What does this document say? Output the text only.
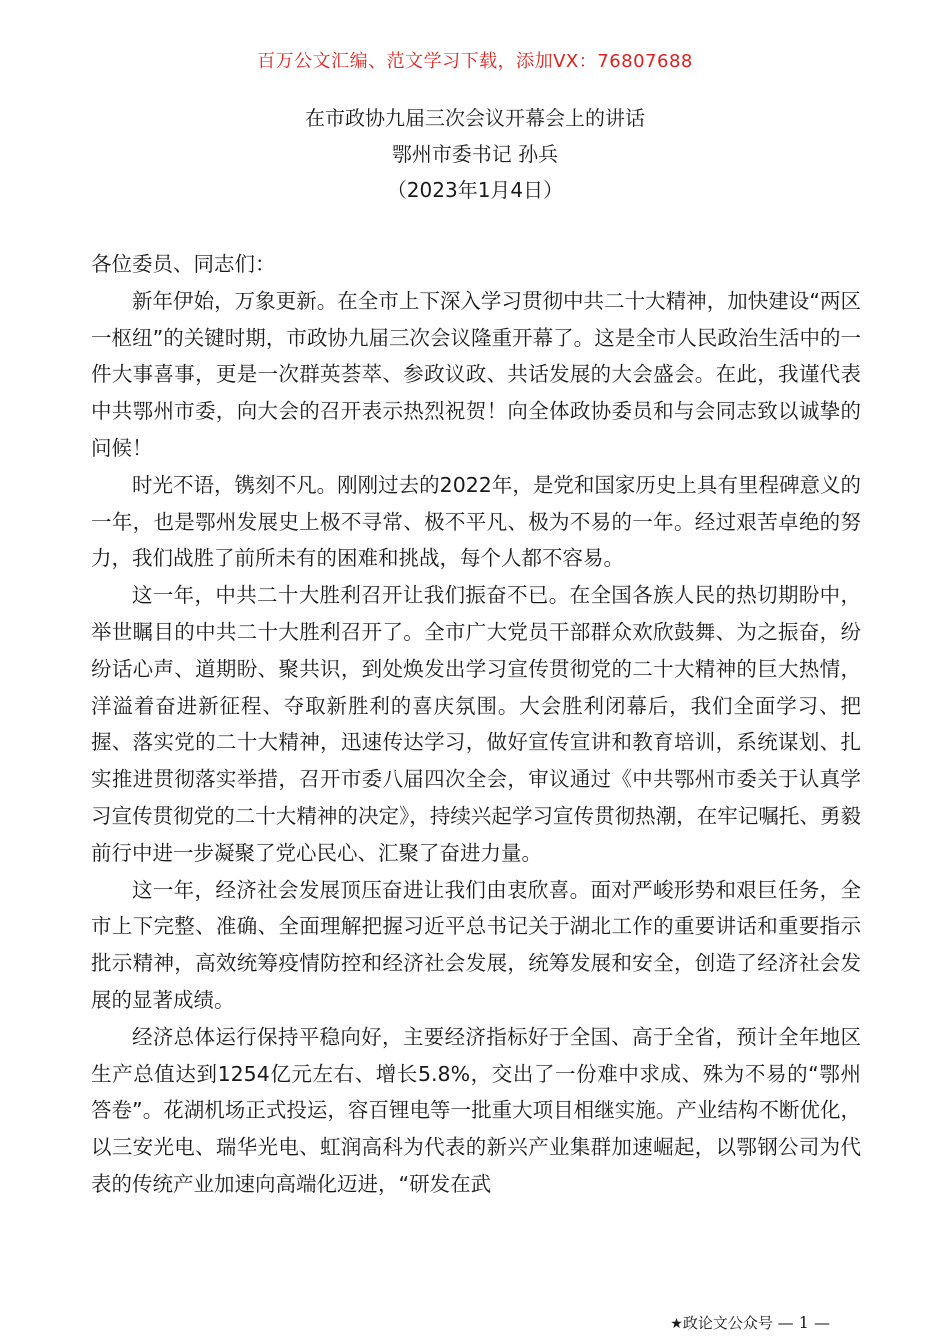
百万公文汇编、范文学习下载，添加VX：76807688
在市政协九届三次会议开幕会上的讲话
鄂州市委书记 孙兵
（2023年1月4日）

各位委员、同志们：

新年伊始，万象更新。在全市上下深入学习贯彻中共二十大精神，加快建设“两区一枢纽”的关键时期，市政协九届三次会议隆重开幕了。这是全市人民政治生活中的一件大事喜事，更是一次群英荟萃、参政议政、共话发展的大会盛会。在此，我谨代表中共鄂州市委，向大会的召开表示热烈祝贺！向全体政协委员和与会同志致以诚挚的问候！

时光不语，镌刻不凡。刚刚过去的2022年，是党和国家历史上具有里程碑意义的一年，也是鄂州发展史上极不寻常、极不平凡、极为不易的一年。经过艰苦卓绝的努力，我们战胜了前所未有的困难和挑战，每个人都不容易。

这一年，中共二十大胜利召开让我们振奋不已。在全国各族人民的热切期盼中，举世瞩目的中共二十大胜利召开了。全市广大党员干部群众欢欣鼓舞、为之振奋，纷纷话心声、道期盼、聚共识，到处焕发出学习宣传贯彻党的二十大精神的巨大热情，洋溢着奋进新征程、夺取新胜利的喜庆氛围。大会胜利闭幕后，我们全面学习、把握、落实党的二十大精神，迅速传达学习，做好宣传宣讲和教育培训，系统谋划、扎实推进贯彻落实举措，召开市委八届四次全会，审议通过《中共鄂州市委关于认真学习宣传贯彻党的二十大精神的决定》，持续兴起学习宣传贯彻热潮，在牢记嘱托、勇毅前行中进一步凝聚了党心民心、汇聚了奋进力量。

这一年，经济社会发展顶压奋进让我们由衷欣喜。面对严峻形势和艰巨任务，全市上下完整、准确、全面理解把握习近平总书记关于湖北工作的重要讲话和重要指示批示精神，高效统筹疫情防控和经济社会发展，统筹发展和安全，创造了经济社会发展的显著成绩。

经济总体运行保持平稳向好，主要经济指标好于全国、高于全省，预计全年地区生产总值达到1254亿元左右、增长5.8%，交出了一份难中求成、殊为不易的“鄂州答卷”。花湖机场正式投运，容百锂电等一批重大项目相继实施。产业结构不断优化，以三安光电、瑞华光电、虹润高科为代表的新兴产业集群加速崛起，以鄂钢公司为代表的传统产业加速向高端化迈进，“研发在武

★政论文公众号 — 1 —
